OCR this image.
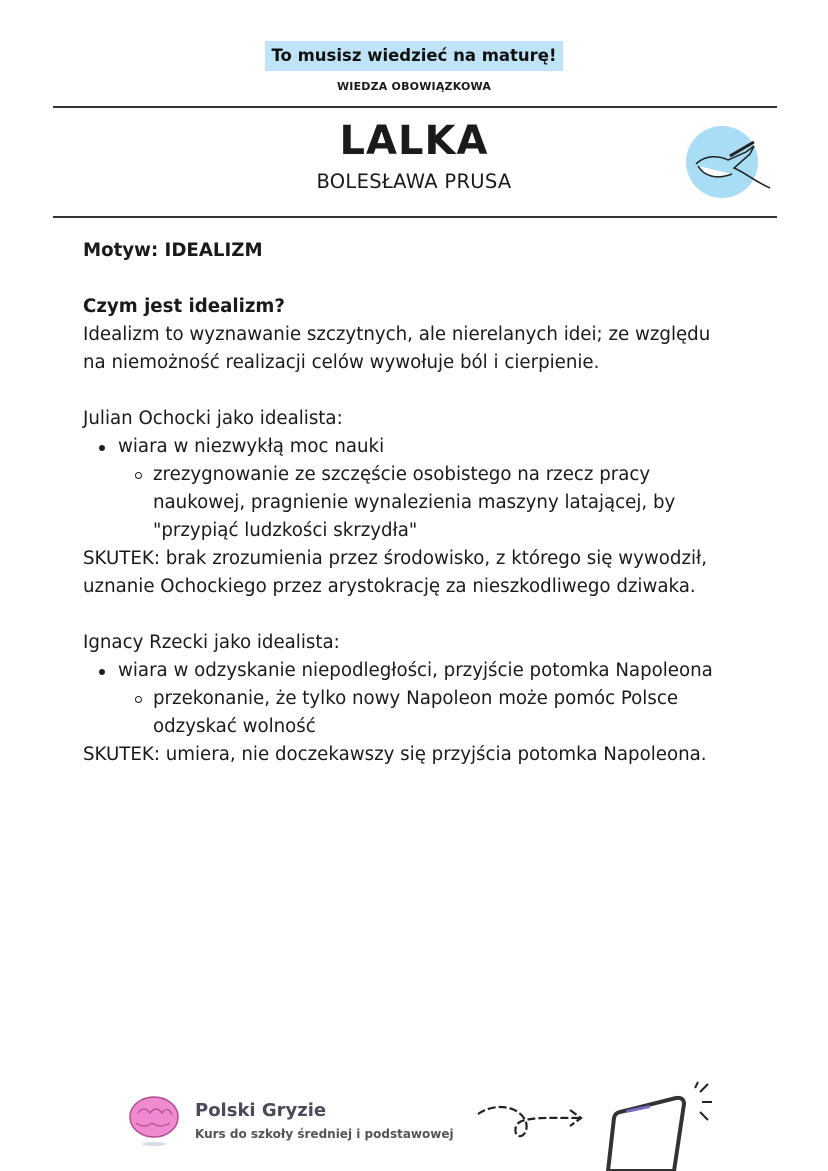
To musisz wiedzieć na maturę!
WIEDZA OBOWIĄZKOWA
LALKA
BOLESŁAWA PRUSA

Motyw: IDEALIZM

Czym jest idealizm?

Idealizm to wyznawanie szczytnych, ale nierelanych idei; ze względu

na niemożność realizacji celów wywołuje ból i cierpienie.

Julian Ochocki jako idealista:

wiara w niezwykłą moc nauki

zrezygnowanie ze szczęście osobistego na rzecz pracy

naukowej, pragnienie wynalezienia maszyny latającej, by

"przypiąć ludzkości skrzydła"

SKUTEK: brak zrozumienia przez środowisko, z którego się wywodził,

uznanie Ochockiego przez arystokrację za nieszkodliwego dziwaka.

Ignacy Rzecki jako idealista:

wiara w odzyskanie niepodległości, przyjście potomka Napoleona

przekonanie, że tylko nowy Napoleon może pomóc Polsce

odzyskać wolność

SKUTEK: umiera, nie doczekawszy się przyjścia potomka Napoleona.

Polski Gryzie
Kurs do szkoły średniej i podstawowej
